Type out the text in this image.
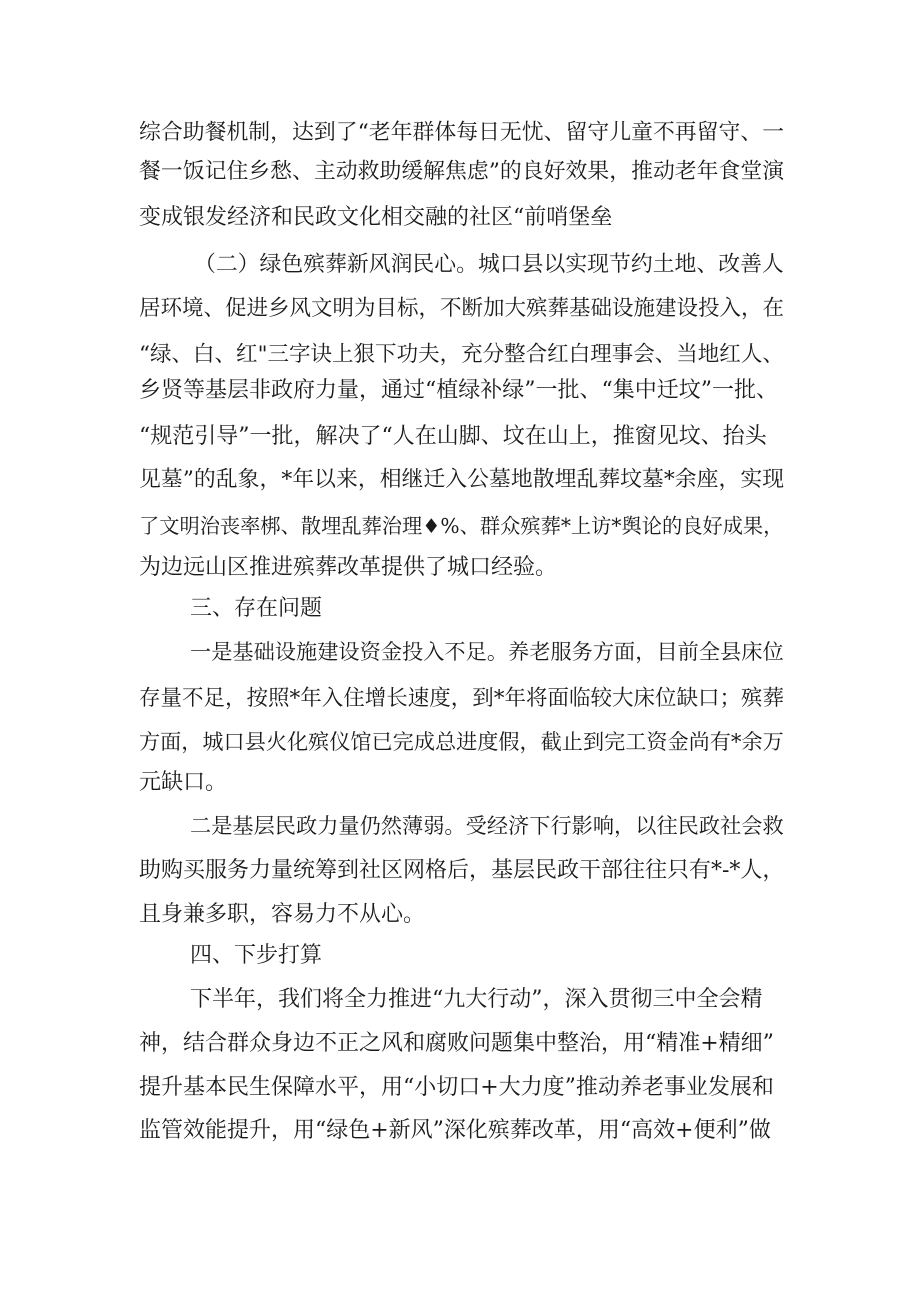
综合助餐机制，达到了“老年群体每日无忧、留守儿童不再留守、一
餐一饭记住乡愁、主动救助缓解焦虑”的良好效果，推动老年食堂演
变成银发经济和民政文化相交融的社区“前哨堡垒
（二）绿色殡葬新风润民心。城口县以实现节约土地、改善人
居环境、促进乡风文明为目标，不断加大殡葬基础设施建设投入，在
“绿、白、红"三字诀上狠下功夫，充分整合红白理事会、当地红人、
乡贤等基层非政府力量，通过“植绿补绿”一批、“集中迁坟”一批、
“规范引导”一批，解决了“人在山脚、坟在山上，推窗见坟、抬头
见墓”的乱象，*年以来，相继迁入公墓地散埋乱葬坟墓*余座，实现
了文明治丧率梆、散埋乱葬治理♦%、群众殡葬*上访*舆论的良好成果，
为边远山区推进殡葬改革提供了城口经验。
三、存在问题
一是基础设施建设资金投入不足。养老服务方面，目前全县床位
存量不足，按照*年入住增长速度，到*年将面临较大床位缺口；殡葬
方面，城口县火化殡仪馆已完成总进度假，截止到完工资金尚有*余万
元缺口。
二是基层民政力量仍然薄弱。受经济下行影响，以往民政社会救
助购买服务力量统筹到社区网格后，基层民政干部往往只有*-*人，
且身兼多职，容易力不从心。
四、下步打算
下半年，我们将全力推进“九大行动”，深入贯彻三中全会精
神，结合群众身边不正之风和腐败问题集中整治，用“精准+精细”
提升基本民生保障水平，用“小切口+大力度”推动养老事业发展和
监管效能提升，用“绿色+新风”深化殡葬改革，用“高效+便利”做
